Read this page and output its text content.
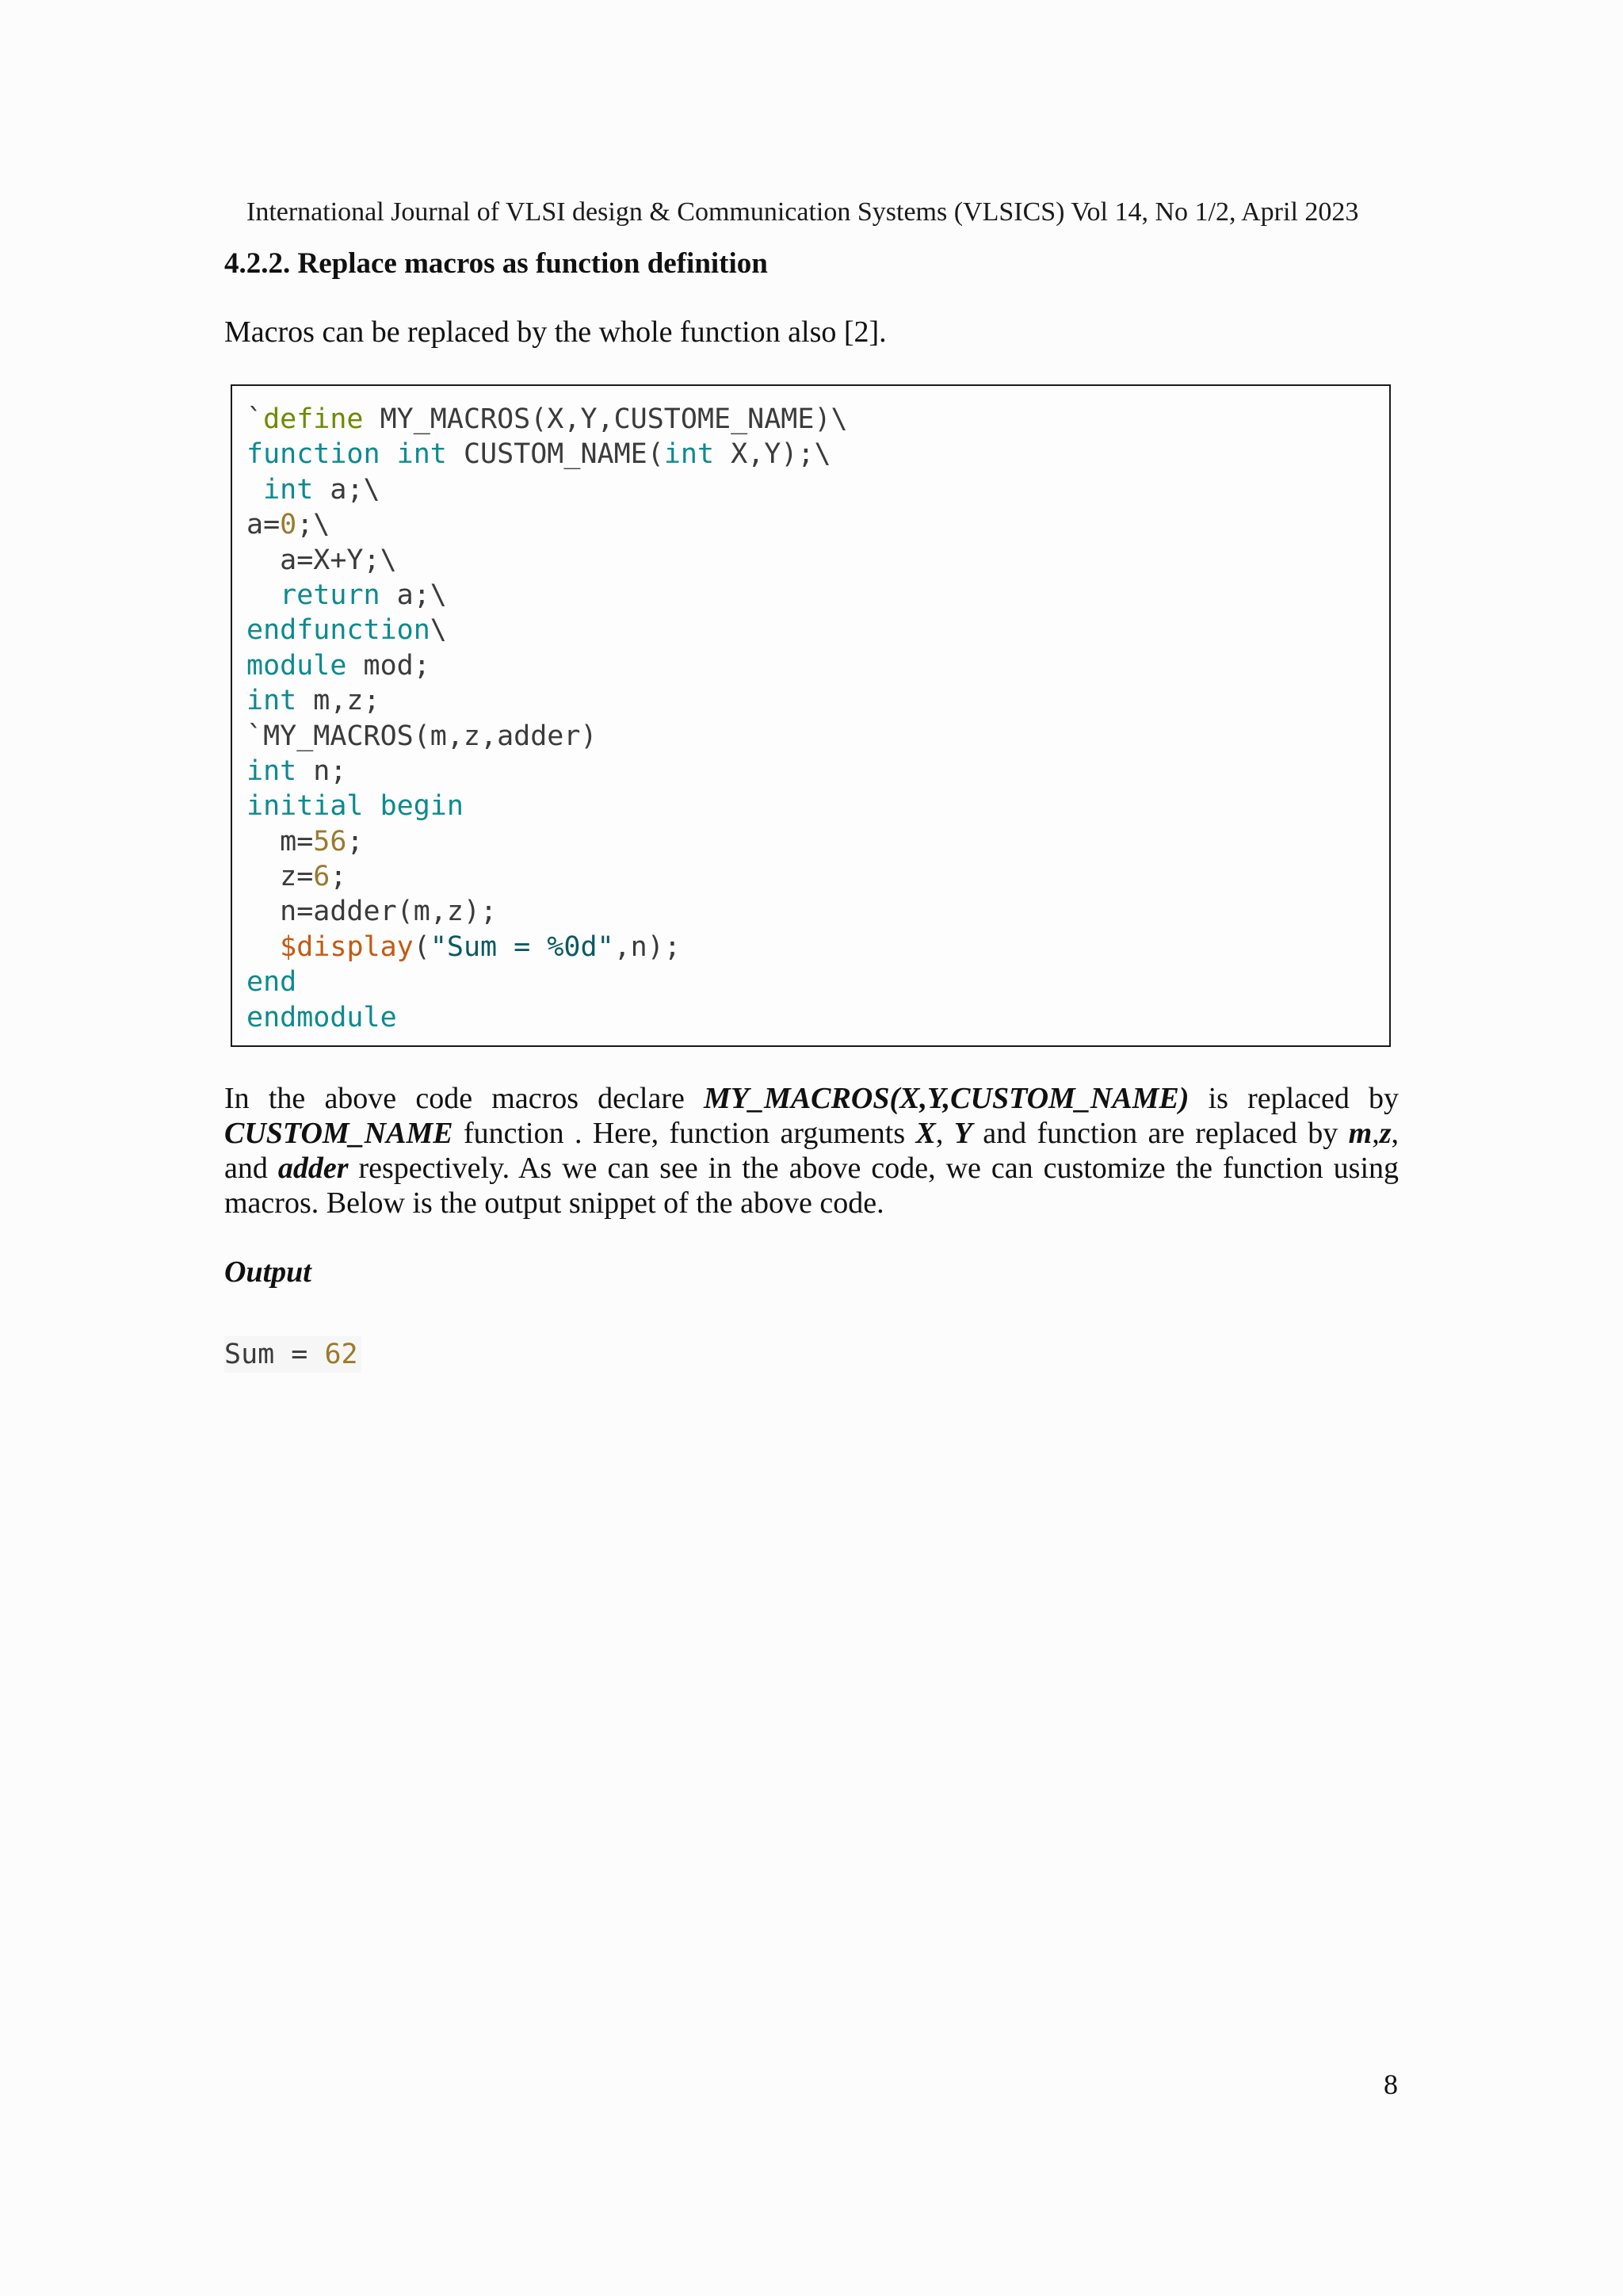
International Journal of VLSI design & Communication Systems (VLSICS) Vol 14, No 1/2, April 2023
4.2.2. Replace macros as function definition
Macros can be replaced by the whole function also [2].
`define MY_MACROS(X,Y,CUSTOME_NAME)\
function int CUSTOM_NAME(int X,Y);\
int a;\
a=0;\
a=X+Y;\
return a;\
endfunction\
module mod;
int m,z;
`MY_MACROS(m,z,adder)
int n;
initial begin
m=56;
z=6;
n=adder(m,z);
$display("Sum = %0d",n);
end
endmodule
In the above code macros declare MY_MACROS(X,Y,CUSTOM_NAME) is replaced by CUSTOM_NAME function . Here, function arguments X, Y and function are replaced by m,z, and adder respectively. As we can see in the above code, we can customize the function using macros. Below is the output snippet of the above code.
Output
Sum = 62
8
